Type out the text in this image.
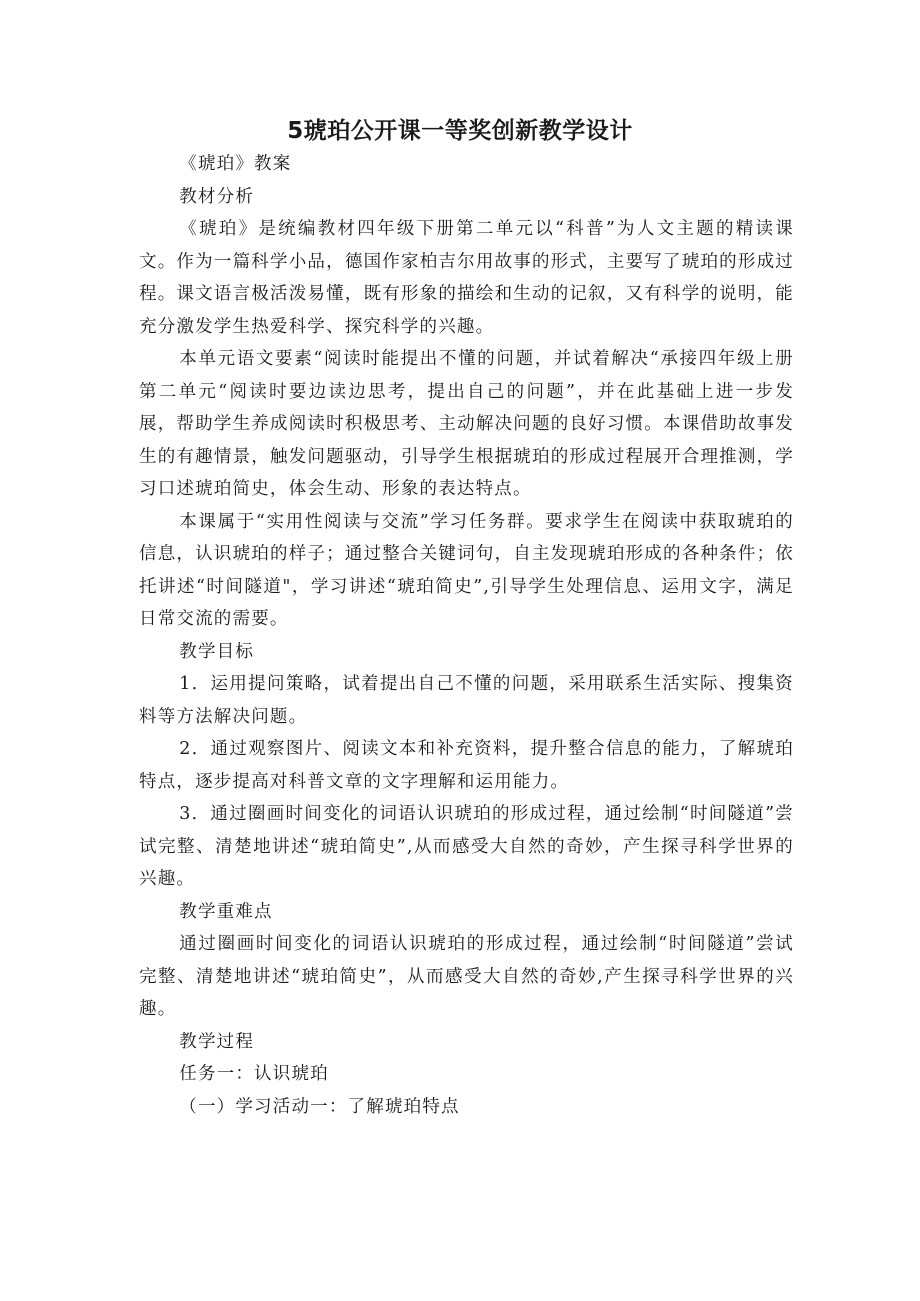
5琥珀公开课一等奖创新教学设计

《琥珀》教案

教材分析

《琥珀》是统编教材四年级下册第二单元以“科普”为人文主题的精读课文。作为一篇科学小品，德国作家柏吉尔用故事的形式，主要写了琥珀的形成过程。课文语言极活泼易懂，既有形象的描绘和生动的记叙，又有科学的说明，能充分激发学生热爱科学、探究科学的兴趣。

本单元语文要素“阅读时能提出不懂的问题，并试着解决“承接四年级上册第二单元“阅读时要边读边思考，提出自己的问题”，并在此基础上进一步发展，帮助学生养成阅读时积极思考、主动解决问题的良好习惯。本课借助故事发生的有趣情景，触发问题驱动，引导学生根据琥珀的形成过程展开合理推测，学习口述琥珀简史，体会生动、形象的表达特点。

本课属于“实用性阅读与交流”学习任务群。要求学生在阅读中获取琥珀的信息，认识琥珀的样子；通过整合关键词句，自主发现琥珀形成的各种条件；依托讲述“时间隧道"，学习讲述“琥珀简史”,引导学生处理信息、运用文字，满足日常交流的需要。

教学目标

1．运用提问策略，试着提出自己不懂的问题，采用联系生活实际、搜集资料等方法解决问题。

2．通过观察图片、阅读文本和补充资料，提升整合信息的能力，了解琥珀特点，逐步提高对科普文章的文字理解和运用能力。

3．通过圈画时间变化的词语认识琥珀的形成过程，通过绘制“时间隧道”尝试完整、清楚地讲述“琥珀简史”,从而感受大自然的奇妙，产生探寻科学世界的兴趣。

教学重难点

通过圈画时间变化的词语认识琥珀的形成过程，通过绘制“时间隧道”尝试完整、清楚地讲述“琥珀简史”，从而感受大自然的奇妙,产生探寻科学世界的兴趣。

教学过程

任务一：认识琥珀

（一）学习活动一：了解琥珀特点
